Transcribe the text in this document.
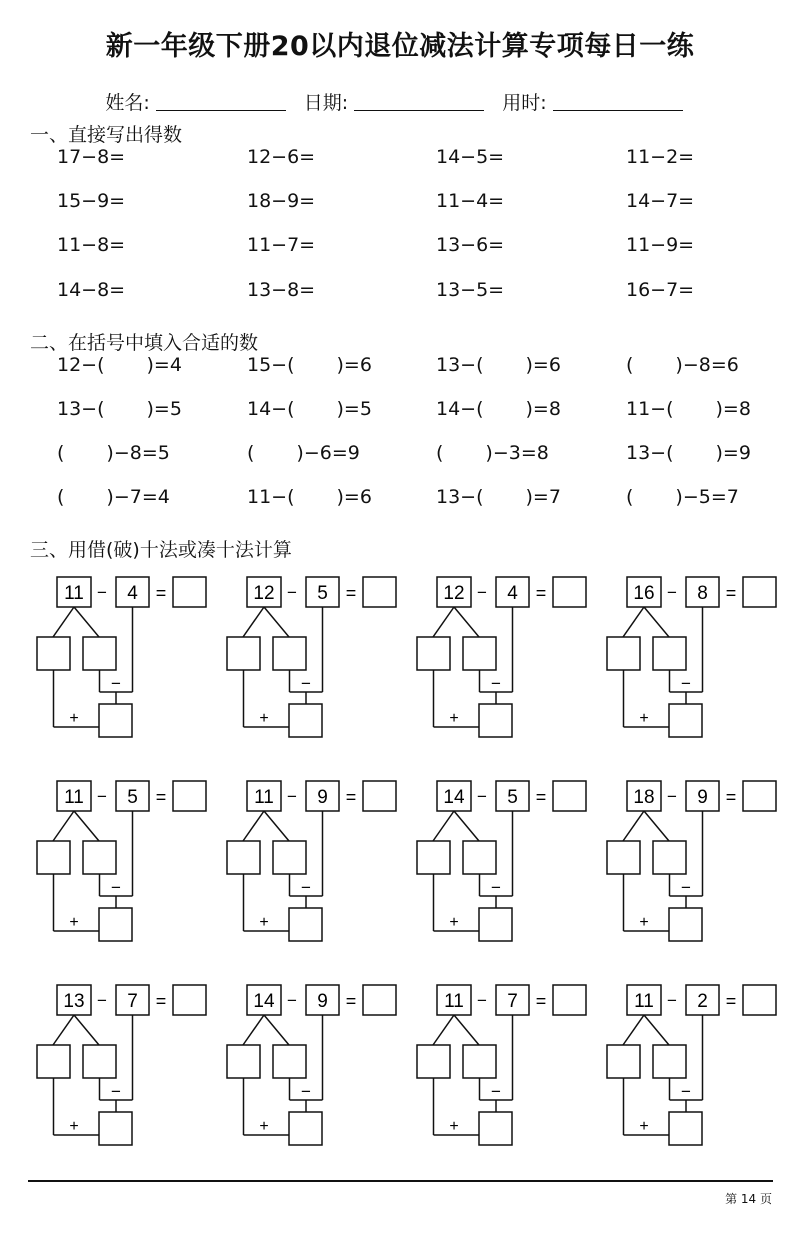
新一年级下册20以内退位减法计算专项每日一练
姓名:	日期:	用时:
一、直接写出得数
17−8=	12−6=	14−5=	11−2=
15−9=	18−9=	11−4=	14−7=
11−8=	11−7=	13−6=	11−9=
14−8=	13−8=	13−5=	16−7=
二、在括号中填入合适的数
12−( )=4	15−( )=6	13−( )=6	( )−8=6
13−( )=5	14−( )=5	14−( )=8	11−( )=8
( )−8=5	( )−6=9	( )−3=8	13−( )=9
( )−7=4	11−( )=6	13−( )=7	( )−5=7
三、用借(破)十法或凑十法计算
11 − 4 =
−
+
12 − 5 =
−
+
12 − 4 =
−
+
16 − 8 =
−
+
11 − 5 =
−
+
11 − 9 =
−
+
14 − 5 =
−
+
18 − 9 =
−
+
13 − 7 =
−
+
14 − 9 =
−
+
11 − 7 =
−
+
11 − 2 =
−
+
第 14 页
